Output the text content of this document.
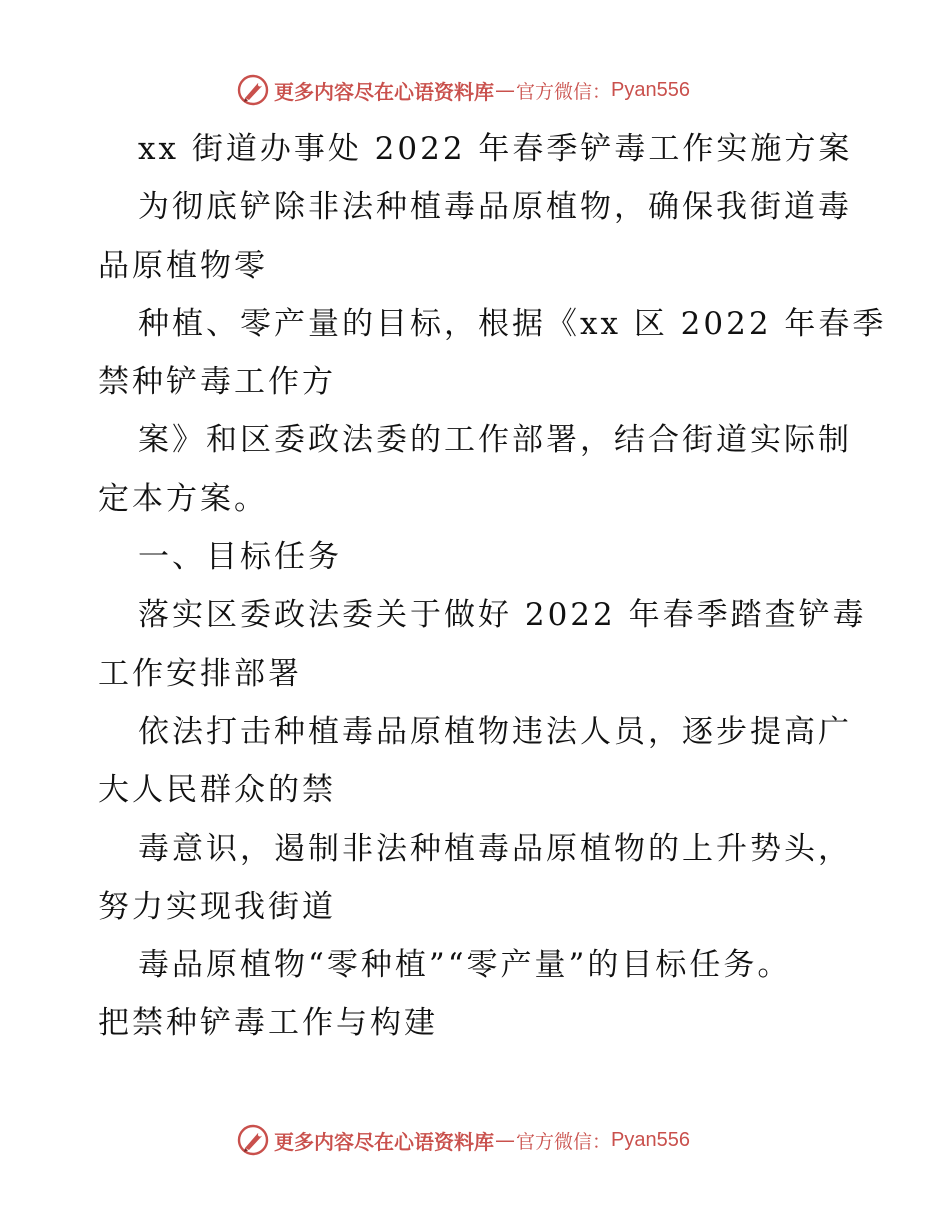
更多内容尽在心语资料库 — 官方微信： Pyan556
xx 街道办事处 2022 年春季铲毒工作实施方案
为彻底铲除非法种植毒品原植物，确保我街道毒
品原植物零
种植、零产量的目标，根据《xx 区 2022 年春季
禁种铲毒工作方
案》和区委政法委的工作部署，结合街道实际制
定本方案。
一、目标任务
落实区委政法委关于做好 2022 年春季踏查铲毒
工作安排部署
依法打击种植毒品原植物违法人员，逐步提高广
大人民群众的禁
毒意识，遏制非法种植毒品原植物的上升势头，
努力实现我街道
毒品原植物“零种植”“零产量”的目标任务。
把禁种铲毒工作与构建
更多内容尽在心语资料库 — 官方微信： Pyan556
